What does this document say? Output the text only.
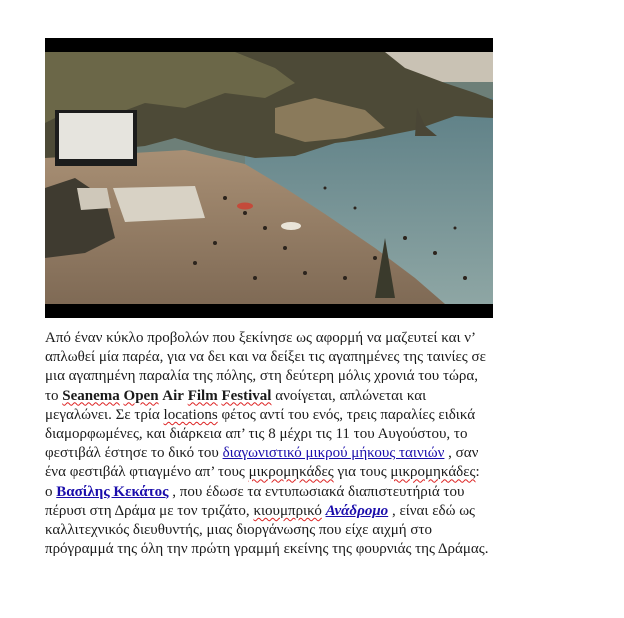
Από έναν κύκλο προβολών που ξεκίνησε ως αφορμή να μαζευτεί και ν’

απλωθεί μία παρέα, για να δει και να δείξει τις αγαπημένες της ταινίες σε

μια αγαπημένη παραλία της πόλης, στη δεύτερη μόλις χρονιά του τώρα,

το Seanema Open Air Film Festival ανοίγεται, απλώνεται και

μεγαλώνει. Σε τρία locations φέτος αντί του ενός, τρεις παραλίες ειδικά

διαμορφωμένες, και διάρκεια απ’ τις 8 μέχρι τις 11 του Αυγούστου, το

φεστιβάλ έστησε το δικό του διαγωνιστικό μικρού μήκους ταινιών , σαν

ένα φεστιβάλ φτιαγμένο απ’ τους μικρομηκάδες για τους μικρομηκάδες:

ο Βασίλης Κεκάτος , που έδωσε τα εντυπωσιακά διαπιστευτήριά του

πέρυσι στη Δράμα με τον τριζάτο, κιουμπρικό Ανάδρομο , είναι εδώ ως

καλλιτεχνικός διευθυντής, μιας διοργάνωσης που είχε αιχμή στο

πρόγραμμά της όλη την πρώτη γραμμή εκείνης της φουρνιάς της Δράμας.
